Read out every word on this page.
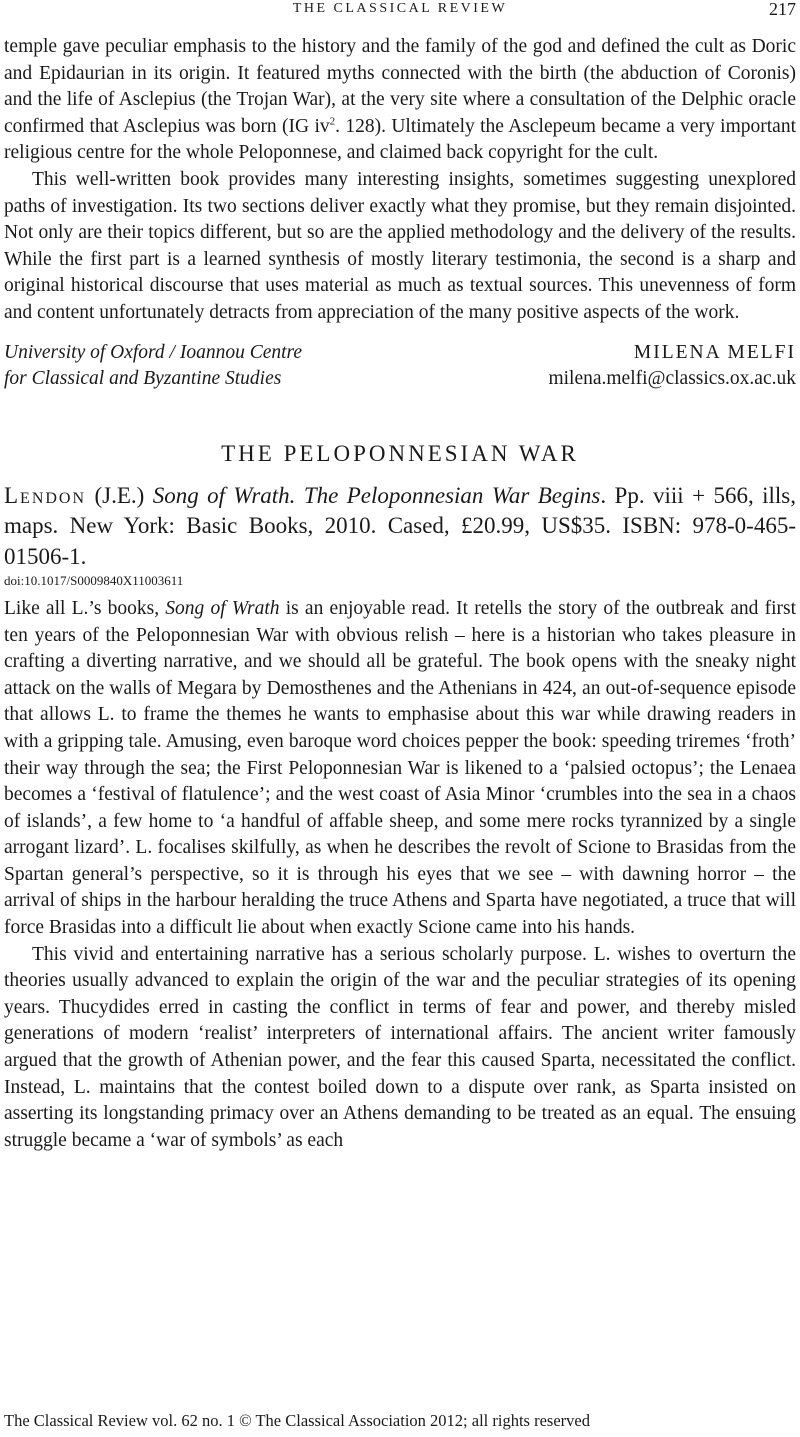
THE CLASSICAL REVIEW	217

temple gave peculiar emphasis to the history and the family of the god and defined the cult as Doric and Epidaurian in its origin. It featured myths connected with the birth (the abduction of Coronis) and the life of Asclepius (the Trojan War), at the very site where a consultation of the Delphic oracle confirmed that Asclepius was born (IG $iv^2$. 128). Ultimately the Asclepeum became a very important religious centre for the whole Peloponnese, and claimed back copyright for the cult.

This well-written book provides many interesting insights, sometimes suggesting unexplored paths of investigation. Its two sections deliver exactly what they promise, but they remain disjointed. Not only are their topics different, but so are the applied methodology and the delivery of the results. While the first part is a learned synthesis of mostly literary testimonia, the second is a sharp and original historical discourse that uses material as much as textual sources. This unevenness of form and content unfortunately detracts from appreciation of the many positive aspects of the work.

University of Oxford / Ioannou Centre
for Classical and Byzantine Studies
MILENA MELFI
milena.melfi@classics.ox.ac.uk
THE PELOPONNESIAN WAR
Lendon (J.E.) Song of Wrath. The Peloponnesian War Begins. Pp. viii + 566, ills, maps. New York: Basic Books, 2010. Cased, £20.99, US$35. ISBN: 978-0-465-01506-1.
doi:10.1017/S0009840X11003611

Like all L.’s books, Song of Wrath is an enjoyable read. It retells the story of the outbreak and first ten years of the Peloponnesian War with obvious relish – here is a historian who takes pleasure in crafting a diverting narrative, and we should all be grateful. The book opens with the sneaky night attack on the walls of Megara by Demosthenes and the Athenians in 424, an out-of-sequence episode that allows L. to frame the themes he wants to emphasise about this war while drawing readers in with a gripping tale. Amusing, even baroque word choices pepper the book: speeding triremes ‘froth’ their way through the sea; the First Peloponnesian War is likened to a ‘palsied octopus’; the Lenaea becomes a ‘festival of flatulence’; and the west coast of Asia Minor ‘crumbles into the sea in a chaos of islands’, a few home to ‘a handful of affable sheep, and some mere rocks tyrannized by a single arrogant lizard’. L. focalises skilfully, as when he describes the revolt of Scione to Brasidas from the Spartan general’s perspective, so it is through his eyes that we see – with dawning horror – the arrival of ships in the harbour heralding the truce Athens and Sparta have negotiated, a truce that will force Brasidas into a difficult lie about when exactly Scione came into his hands.

This vivid and entertaining narrative has a serious scholarly purpose. L. wishes to overturn the theories usually advanced to explain the origin of the war and the peculiar strategies of its opening years. Thucydides erred in casting the conflict in terms of fear and power, and thereby misled generations of modern ‘realist’ interpreters of international affairs. The ancient writer famously argued that the growth of Athenian power, and the fear this caused Sparta, necessitated the conflict. Instead, L. maintains that the contest boiled down to a dispute over rank, as Sparta insisted on asserting its longstanding primacy over an Athens demanding to be treated as an equal. The ensuing struggle became a ‘war of symbols’ as each

The Classical Review vol. 62 no. 1 © The Classical Association 2012; all rights reserved
